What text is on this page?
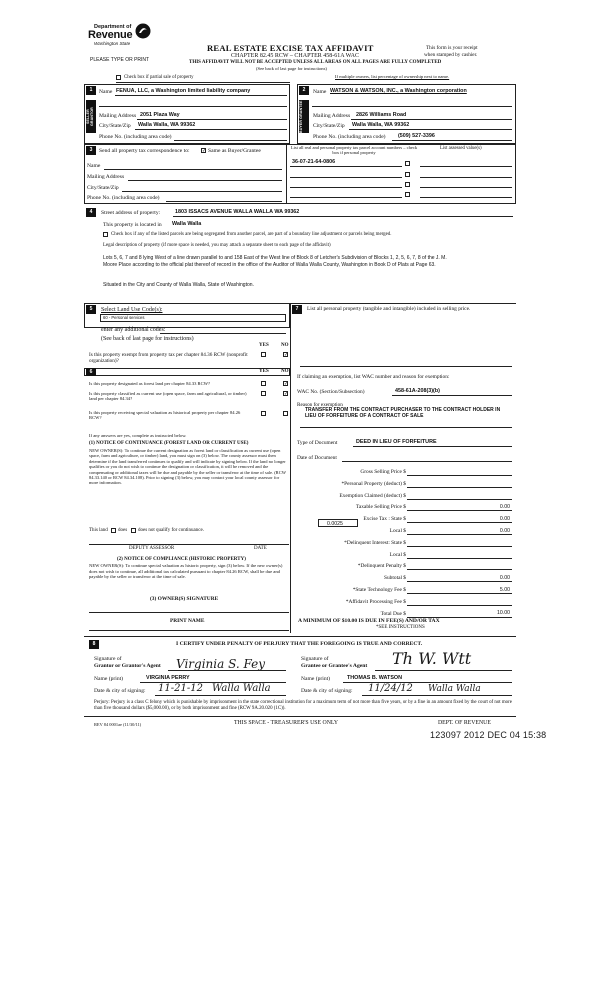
Department of
Revenue
Washington State
PLEASE TYPE OR PRINT
REAL ESTATE EXCISE TAX AFFIDAVIT
CHAPTER 82.45 RCW – CHAPTER 458-61A WAC
THIS AFFIDAVIT WILL NOT BE ACCEPTED UNLESS ALL AREAS ON ALL PAGES ARE FULLY COMPLETED
(See back of last page for instructions)
This form is your receipt
when stamped by cashier.
Check box if partial sale of property	If multiple owners, list percentage of ownership next to name.
1
SELLER GRANTOR
Name FENUA, LLC, a Washington limited liability company
Mailing Address 2051 Plaza Way
City/State/Zip Walla Walla, WA 99362
Phone No. (including area code)
2
BUYER GRANTEE
Name WATSON & WATSON, INC., a Washington corporation
Mailing Address 2826 Williams Road
City/State/Zip Walla Walla, WA 99362
Phone No. (including area code) (509) 527-3396
3	Send all property tax correspondence to: ✓ Same as Buyer/Grantee
Name
Mailing Address
City/State/Zip
Phone No. (including area code)
List all real and personal property tax parcel account numbers – check box if personal property
List assessed value(s)
36-07-21-64-0806
4	Street address of property:	1803 ISSACS AVENUE WALLA WALLA WA 99362
This property is located in Walla Walla
Check box if any of the listed parcels are being segregated from another parcel, are part of a boundary line adjustment or parcels being merged.
Legal description of property (if more space is needed, you may attach a separate sheet to each page of the affidavit)
Lots 5, 6, 7 and 8 lying West of a line drawn parallel to and 158 East of the West line of Block 8 of Letcher's Subdivision of Blocks 1, 2, 5, 6, 7, 8 of the J. M. Moore Place according to the official plat thereof of record in the office of the Auditor of Walla Walla County, Washington in Book D of Plats at Page 63.
Situated in the City and County of Walla Walla, State of Washington.
5	Select Land Use Code(s):
60 - Personal services
enter any additional codes:
(See back of last page for instructions)
YES NO
Is this property exempt from property tax per chapter 84.36 RCW (nonprofit organization)?
✓
6	YES NO
Is this property designated as forest land per chapter 84.33 RCW?	✓
Is this property classified as current use (open space, farm and agricultural, or timber) land per chapter 84.34?
✓
Is this property receiving special valuation as historical property per chapter 84.26 RCW?
If any answers are yes, complete as instructed below.
(1) NOTICE OF CONTINUANCE (FOREST LAND OR CURRENT USE)
NEW OWNER(S): To continue the current designation as forest land or classification as current use (open space, farm and agriculture, or timber) land, you must sign on (3) below. The county assessor must then determine if the land transferred continues to qualify and will indicate by signing below. If the land no longer qualifies or you do not wish to continue the designation or classification, it will be removed and the compensating or additional taxes will be due and payable by the seller or transferor at the time of sale. (RCW 84.33.140 or RCW 84.34.108). Prior to signing (3) below, you may contact your local county assessor for more information.
This land does does not qualify for continuance.
DEPUTY ASSESSOR	DATE
(2) NOTICE OF COMPLIANCE (HISTORIC PROPERTY)
NEW OWNER(S): To continue special valuation as historic property, sign (3) below. If the new owner(s) does not wish to continue, all additional tax calculated pursuant to chapter 84.26 RCW, shall be due and payable by the seller or transferor at the time of sale.
(3) OWNER(S) SIGNATURE
PRINT NAME
7	List all personal property (tangible and intangible) included in selling price.
If claiming an exemption, list WAC number and reason for exemption:
WAC No. (Section/Subsection)	458-61A-208(3)(b)
Reason for exemption
TRANSFER FROM THE CONTRACT PURCHASER TO THE CONTRACT HOLDER IN LIEU OF FORFEITURE OF A CONTRACT OF SALE
Type of Document	DEED IN LIEU OF FORFEITURE
Date of Document
Gross Selling Price $
*Personal Property (deduct) $
Exemption Claimed (deduct) $
Taxable Selling Price $	0.00
Excise Tax : State $	0.00
Local $	0.00
*Delinquent Interest: State $
Local $
*Delinquent Penalty $
Subtotal $	0.00
*State Technology Fee $	5.00
*Affidavit Processing Fee $
Total Due $	10.00
0.0025
A MINIMUM OF $10.00 IS DUE IN FEE(S) AND/OR TAX
*SEE INSTRUCTIONS
8	I CERTIFY UNDER PENALTY OF PERJURY THAT THE FOREGOING IS TRUE AND CORRECT.
Signature of
Grantor or Grantor's Agent Virginia S. Fey	Signature of
Grantee or Grantee's Agent Th W. Wtt
Name (print)	VIRGINIA PERRY	Name (print)	THOMAS B. WATSON
Date & city of signing: 11-21-12 Walla Walla	Date & city of signing: 11/24/12 Walla Walla
Perjury: Perjury is a class C felony which is punishable by imprisonment in the state correctional institution for a maximum term of not more than five years, or by a fine in an amount fixed by the court of not more than five thousand dollars ($5,000.00), or by both imprisonment and fine (RCW 9A.20.020 (1C)).
REV 84 0001ae (11/30/11)	THIS SPACE - TREASURER'S USE ONLY	DEPT. OF REVENUE
123097 2012 DEC 04 15:38
